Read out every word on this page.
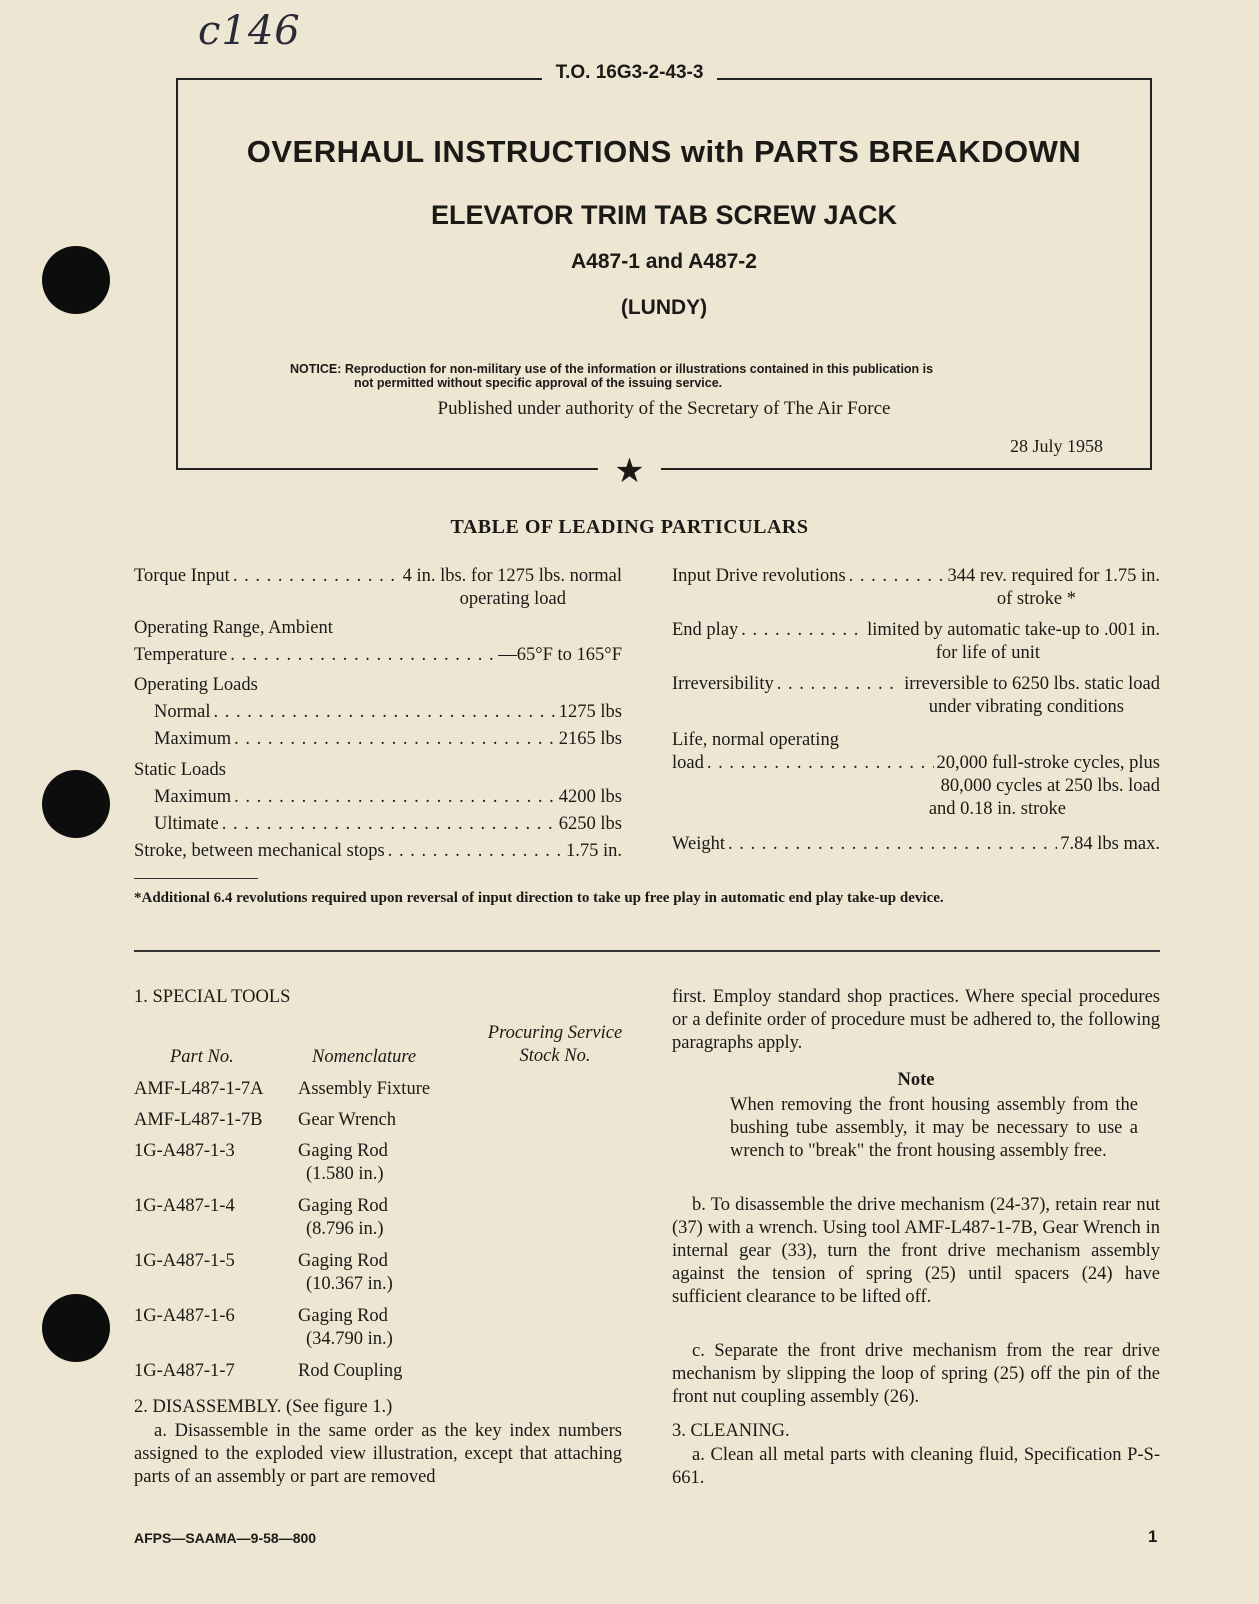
c146
T.O. 16G3-2-43-3
OVERHAUL INSTRUCTIONS with PARTS BREAKDOWN
ELEVATOR TRIM TAB SCREW JACK
A487-1 and A487-2
(LUNDY)
NOTICE: Reproduction for non-military use of the information or illustrations contained in this publication is
not permitted without specific approval of the issuing service.
Published under authority of the Secretary of The Air Force
28 July 1958
★
TABLE OF LEADING PARTICULARS
Torque Input . . .	4 in. lbs. for 1275 lbs. normal
operating load
Operating Range, Ambient
Temperature . . .	—65°F to 165°F
Operating Loads
Normal . . .	1275 lbs
Maximum . . .	2165 lbs
Static Loads
Maximum . . .	4200 lbs
Ultimate . . .	6250 lbs
Stroke, between mechanical stops . . .	1.75 in.
Input Drive revolutions . . .	344 rev. required for 1.75 in.
of stroke *
End play . . .	limited by automatic take-up to .001 in.
for life of unit
Irreversibility . . .	irreversible to 6250 lbs. static load
under vibrating conditions
Life, normal operating
load . . .	20,000 full-stroke cycles, plus
80,000 cycles at 250 lbs. load
and 0.18 in. stroke
Weight . . .	7.84 lbs max.
*Additional 6.4 revolutions required upon reversal of input direction to take up free play in automatic end play take-up device.
1. SPECIAL TOOLS
Procuring Service
Stock No.
Part No.	Nomenclature
AMF-L487-1-7A	Assembly Fixture
AMF-L487-1-7B	Gear Wrench
1G-A487-1-3	Gaging Rod
(1.580 in.)
1G-A487-1-4	Gaging Rod
(8.796 in.)
1G-A487-1-5	Gaging Rod
(10.367 in.)
1G-A487-1-6	Gaging Rod
(34.790 in.)
1G-A487-1-7	Rod Coupling
2. DISASSEMBLY. (See figure 1.)
a. Disassemble in the same order as the key index numbers assigned to the exploded view illustration, except that attaching parts of an assembly or part are removed
first. Employ standard shop practices. Where special procedures or a definite order of procedure must be adhered to, the following paragraphs apply.
Note
When removing the front housing assembly from the bushing tube assembly, it may be necessary to use a wrench to "break" the front housing assembly free.
b. To disassemble the drive mechanism (24-37), retain rear nut (37) with a wrench. Using tool AMF-L487-1-7B, Gear Wrench in internal gear (33), turn the front drive mechanism assembly against the tension of spring (25) until spacers (24) have sufficient clearance to be lifted off.
c. Separate the front drive mechanism from the rear drive mechanism by slipping the loop of spring (25) off the pin of the front nut coupling assembly (26).
3. CLEANING.
a. Clean all metal parts with cleaning fluid, Specification P-S-661.
AFPS—SAAMA—9-58—800	1
